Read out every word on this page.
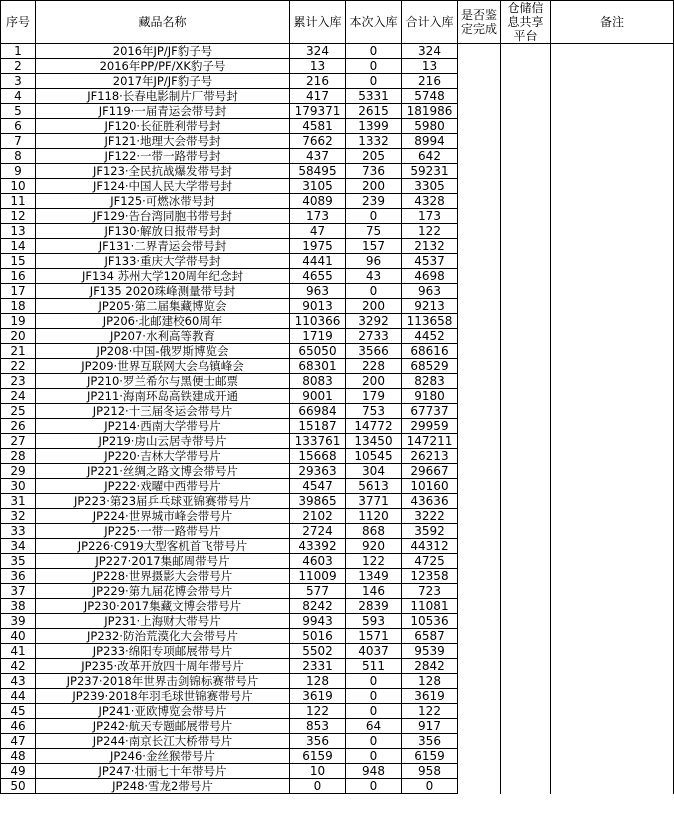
序号	藏品名称	累计入库	本次入库	合计入库	是否鉴定完成	仓储信息共享平台	备注
1	2016年JP/JF豹子号	324	0	324			
2	2016年PP/PF/XK豹子号	13	0	13			
3	2017年JP/JF豹子号	216	0	216			
4	JF118·长春电影制片厂带号封	417	5331	5748			
5	JF119·一届青运会带号封	179371	2615	181986			
6	JF120·长征胜利带号封	4581	1399	5980			
7	JF121·地理大会带号封	7662	1332	8994			
8	JF122·一带一路带号封	437	205	642			
9	JF123·全民抗战爆发带号封	58495	736	59231			
10	JF124·中国人民大学带号封	3105	200	3305			
11	JF125·可燃冰带号封	4089	239	4328			
12	JF129·告台湾同胞书带号封	173	0	173			
13	JF130·解放日报带号封	47	75	122			
14	JF131·二界青运会带号封	1975	157	2132			
15	JF133·重庆大学带号封	4441	96	4537			
16	JF134 苏州大学120周年纪念封	4655	43	4698			
17	JF135 2020珠峰测量带号封	963	0	963			
18	JP205·第二届集藏博览会	9013	200	9213			
19	JP206·北邮建校60周年	110366	3292	113658			
20	JP207·水利高等教育	1719	2733	4452			
21	JP208·中国-俄罗斯博览会	65050	3566	68616			
22	JP209·世界互联网大会乌镇峰会	68301	228	68529			
23	JP210·罗兰希尔与黑便士邮票	8083	200	8283			
24	JP211·海南环岛高铁建成开通	9001	179	9180			
25	JP212·十三届冬运会带号片	66984	753	67737			
26	JP214·西南大学带号片	15187	14772	29959			
27	JP219·房山云居寺带号片	133761	13450	147211			
28	JP220·吉林大学带号片	15668	10545	26213			
29	JP221·丝绸之路文博会带号片	29363	304	29667			
30	JP222·戏曜中西带号片	4547	5613	10160			
31	JP223·第23届乒乓球亚锦赛带号片	39865	3771	43636			
32	JP224·世界城市峰会带号片	2102	1120	3222			
33	JP225·一带一路带号片	2724	868	3592			
34	JP226·C919大型客机首飞带号片	43392	920	44312			
35	JP227·2017集邮周带号片	4603	122	4725			
36	JP228·世界摄影大会带号片	11009	1349	12358			
37	JP229·第九届花博会带号片	577	146	723			
38	JP230·2017集藏文博会带号片	8242	2839	11081			
39	JP231·上海财大带号片	9943	593	10536			
40	JP232·防治荒漠化大会带号片	5016	1571	6587			
41	JP233·绵阳专项邮展带号片	5502	4037	9539			
42	JP235·改革开放四十周年带号片	2331	511	2842			
43	JP237·2018年世界击剑锦标赛带号片	128	0	128			
44	JP239·2018年羽毛球世锦赛带号片	3619	0	3619			
45	JP241·亚欧博览会带号片	122	0	122			
46	JP242·航天专题邮展带号片	853	64	917			
47	JP244·南京长江大桥带号片	356	0	356			
48	JP246·金丝猴带号片	6159	0	6159			
49	JP247·壮丽七十年带号片	10	948	958			
50	JP248·雪龙2带号片	0	0	0			
